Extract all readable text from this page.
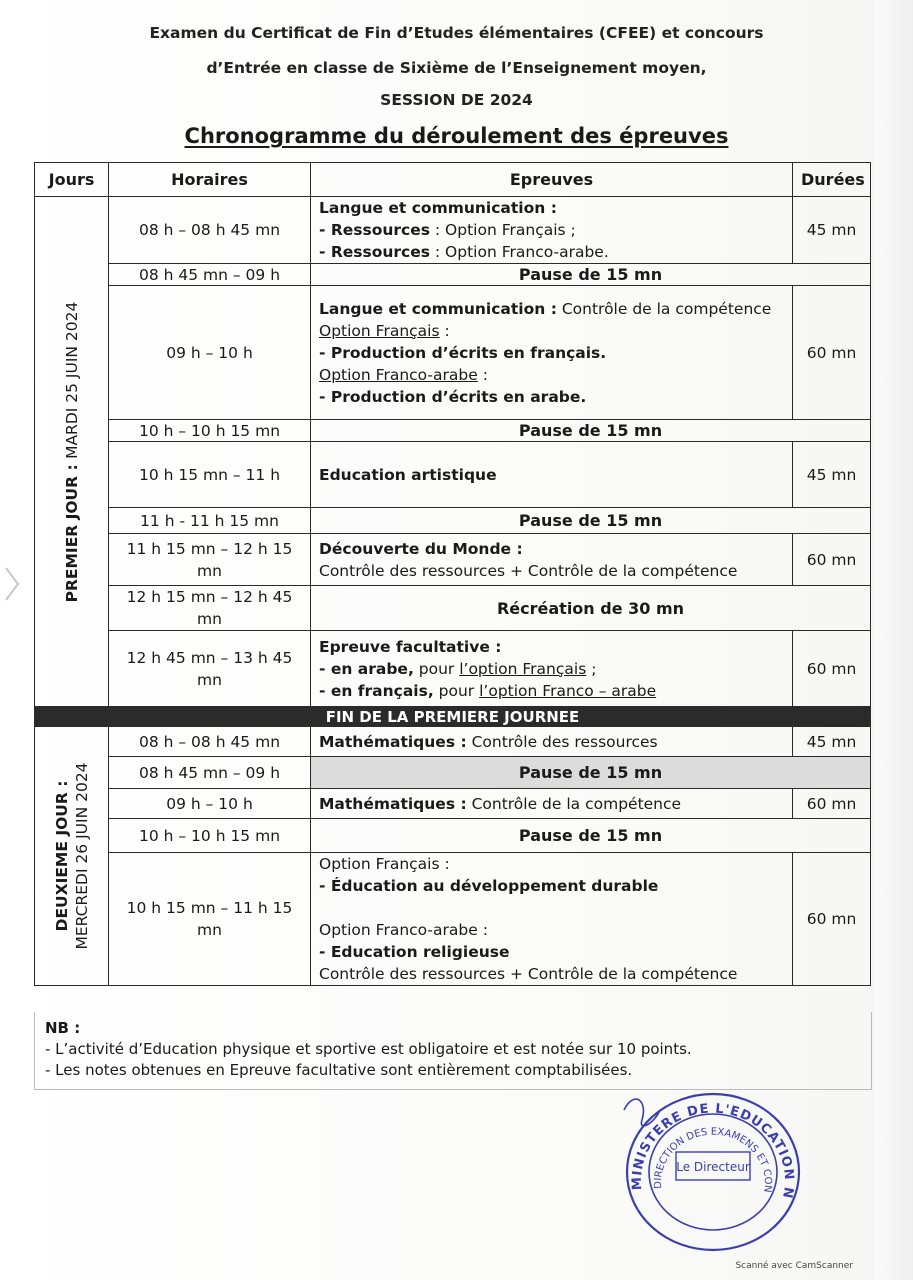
Examen du Certificat de Fin d’Etudes élémentaires (CFEE) et concours
d’Entrée en classe de Sixième de l’Enseignement moyen,
SESSION DE 2024
Chronogramme du déroulement des épreuves
Jours	Horaires	Epreuves	Durées

PREMIER JOUR : MARDI 25 JUIN 2024	08 h – 08 h 45 mn	Langue et communication :
- Ressources : Option Français ;
- Ressources : Option Franco-arabe.	45 mn
	08 h 45 mn – 09 h	Pause de 15 mn	
	09 h – 10 h	Langue et communication : Contrôle de la compétence
Option Français :
- Production d’écrits en français.
Option Franco-arabe :
- Production d’écrits en arabe.	60 mn
	10 h – 10 h 15 mn	Pause de 15 mn	
	10 h 15 mn – 11 h	Education artistique	45 mn
	11 h - 11 h 15 mn	Pause de 15 mn	
	11 h 15 mn – 12 h 15 mn	Découverte du Monde :
Contrôle des ressources + Contrôle de la compétence	60 mn
	12 h 15 mn – 12 h 45 mn	Récréation de 30 mn	
	12 h 45 mn – 13 h 45 mn	Epreuve facultative :
- en arabe, pour l’option Français ;
- en français, pour l’option Franco – arabe	60 mn
FIN DE LA PREMIERE JOURNEE			

DEUXIEME JOUR : MERCREDI 26 JUIN 2024	08 h – 08 h 45 mn	Mathématiques : Contrôle des ressources	45 mn
	08 h 45 mn – 09 h	Pause de 15 mn	
	09 h – 10 h	Mathématiques : Contrôle de la compétence	60 mn
	10 h – 10 h 15 mn	Pause de 15 mn	
	10 h 15 mn – 11 h 15 mn	Option Français :
- Éducation au développement durable
Option Franco-arabe :
- Education religieuse
Contrôle des ressources + Contrôle de la compétence	60 mn
NB :
- L’activité d’Education physique et sportive est obligatoire et est notée sur 10 points.
- Les notes obtenues en Epreuve facultative sont entièrement comptabilisées.
MINISTERE DE L'EDUCATION N
DIRECTION DES EXAMENS ET CON
Le Directeur
Scanné avec CamScanner
